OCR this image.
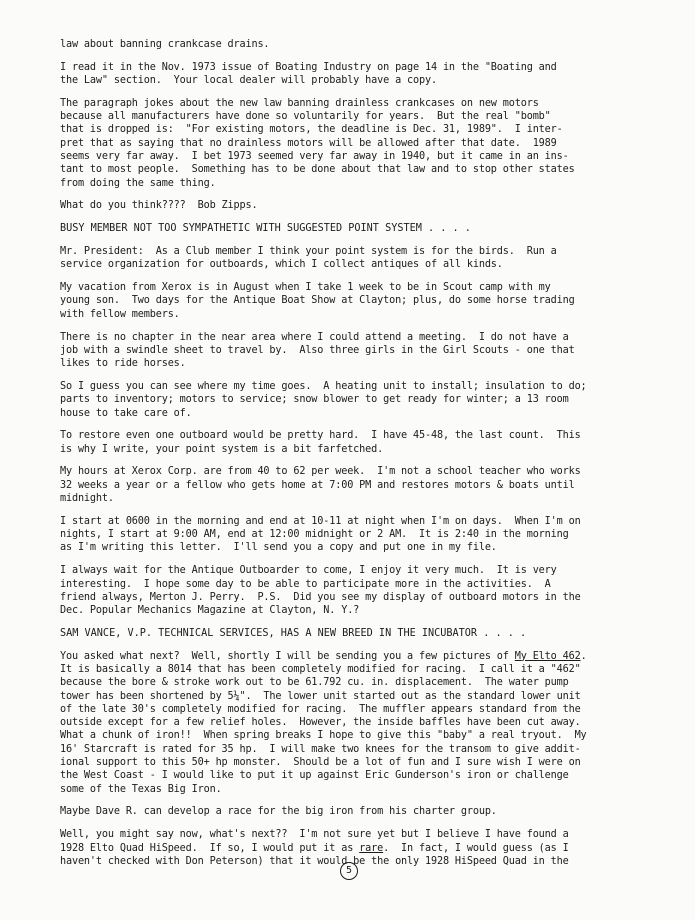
law about banning crankcase drains.

I read it in the Nov. 1973 issue of Boating Industry on page 14 in the "Boating and
the Law" section.  Your local dealer will probably have a copy.

The paragraph jokes about the new law banning drainless crankcases on new motors
because all manufacturers have done so voluntarily for years.  But the real "bomb"
that is dropped is:  "For existing motors, the deadline is Dec. 31, 1989".  I inter-
pret that as saying that no drainless motors will be allowed after that date.  1989
seems very far away.  I bet 1973 seemed very far away in 1940, but it came in an ins-
tant to most people.  Something has to be done about that law and to stop other states
from doing the same thing.

What do you think????  Bob Zipps.

BUSY MEMBER NOT TOO SYMPATHETIC WITH SUGGESTED POINT SYSTEM . . . .

Mr. President:  As a Club member I think your point system is for the birds.  Run a
service organization for outboards, which I collect antiques of all kinds.

My vacation from Xerox is in August when I take 1 week to be in Scout camp with my
young son.  Two days for the Antique Boat Show at Clayton; plus, do some horse trading
with fellow members.

There is no chapter in the near area where I could attend a meeting.  I do not have a
job with a swindle sheet to travel by.  Also three girls in the Girl Scouts - one that
likes to ride horses.

So I guess you can see where my time goes.  A heating unit to install; insulation to do;
parts to inventory; motors to service; snow blower to get ready for winter; a 13 room
house to take care of.

To restore even one outboard would be pretty hard.  I have 45-48, the last count.  This
is why I write, your point system is a bit farfetched.

My hours at Xerox Corp. are from 40 to 62 per week.  I'm not a school teacher who works
32 weeks a year or a fellow who gets home at 7:00 PM and restores motors & boats until
midnight.

I start at 0600 in the morning and end at 10-11 at night when I'm on days.  When I'm on
nights, I start at 9:00 AM, end at 12:00 midnight or 2 AM.  It is 2:40 in the morning
as I'm writing this letter.  I'll send you a copy and put one in my file.

I always wait for the Antique Outboarder to come, I enjoy it very much.  It is very
interesting.  I hope some day to be able to participate more in the activities.  A
friend always, Merton J. Perry.  P.S.  Did you see my display of outboard motors in the
Dec. Popular Mechanics Magazine at Clayton, N. Y.?

SAM VANCE, V.P. TECHNICAL SERVICES, HAS A NEW BREED IN THE INCUBATOR . . . .

You asked what next?  Well, shortly I will be sending you a few pictures of My Elto 462.
It is basically a 8014 that has been completely modified for racing.  I call it a "462"
because the bore & stroke work out to be 61.792 cu. in. displacement.  The water pump
tower has been shortened by 5¼".  The lower unit started out as the standard lower unit
of the late 30's completely modified for racing.  The muffler appears standard from the
outside except for a few relief holes.  However, the inside baffles have been cut away.
What a chunk of iron!!  When spring breaks I hope to give this "baby" a real tryout.  My
16' Starcraft is rated for 35 hp.  I will make two knees for the transom to give addit-
ional support to this 50+ hp monster.  Should be a lot of fun and I sure wish I were on
the West Coast - I would like to put it up against Eric Gunderson's iron or challenge
some of the Texas Big Iron.

Maybe Dave R. can develop a race for the big iron from his charter group.

Well, you might say now, what's next??  I'm not sure yet but I believe I have found a
1928 Elto Quad HiSpeed.  If so, I would put it as rare.  In fact, I would guess (as I
haven't checked with Don Peterson) that it would be the only 1928 HiSpeed Quad in the

5
